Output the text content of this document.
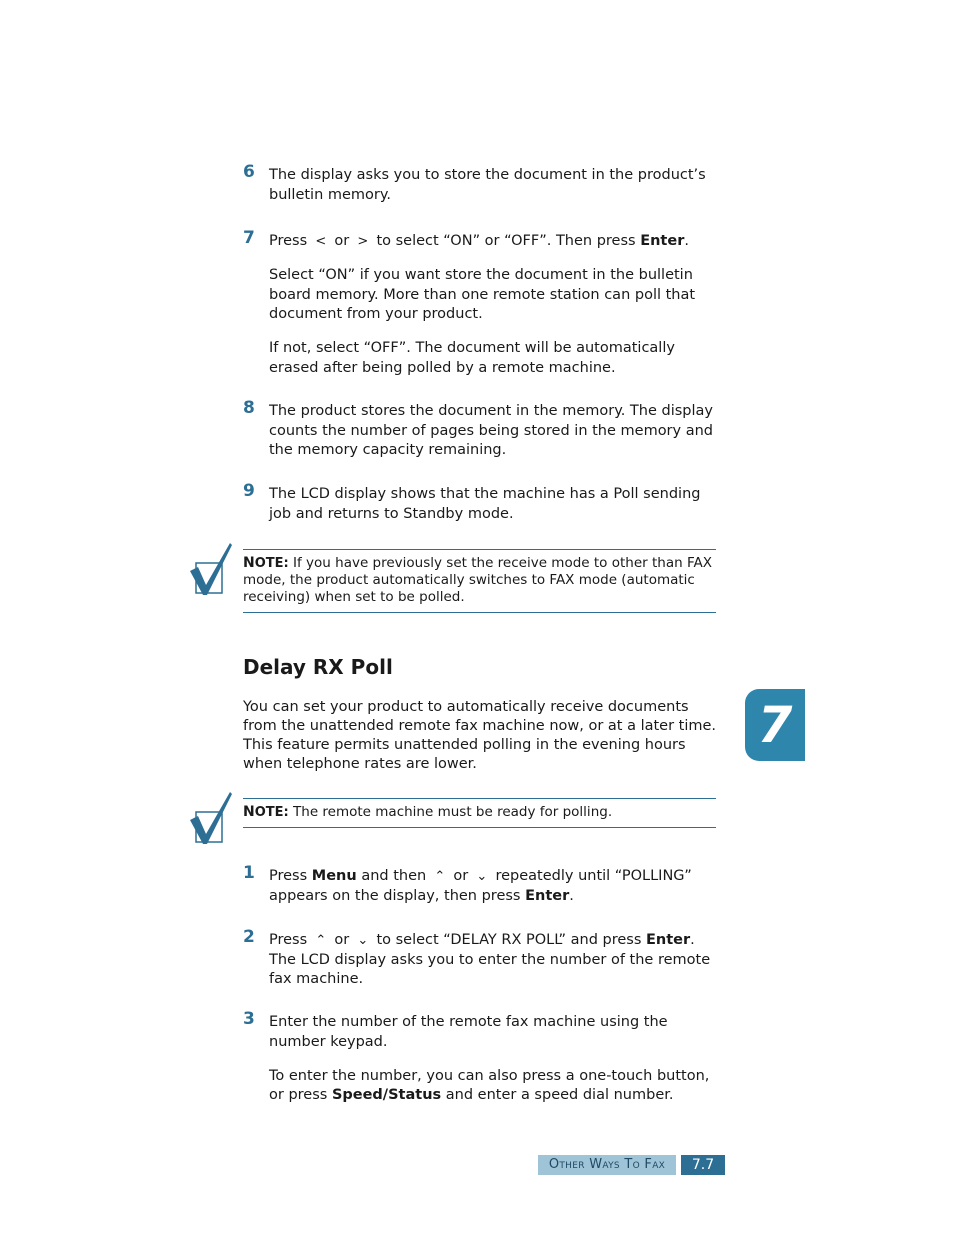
6 The display asks you to store the document in the product’s bulletin memory.

7 Press < or > to select “ON” or “OFF”. Then press Enter.

Select “ON” if you want store the document in the bulletin board memory. More than one remote station can poll that document from your product.

If not, select “OFF”. The document will be automatically erased after being polled by a remote machine.

8 The product stores the document in the memory. The display counts the number of pages being stored in the memory and the memory capacity remaining.

9 The LCD display shows that the machine has a Poll sending job and returns to Standby mode.

NOTE: If you have previously set the receive mode to other than FAX mode, the product automatically switches to FAX mode (automatic receiving) when set to be polled.
Delay RX Poll

You can set your product to automatically receive documents from the unattended remote fax machine now, or at a later time. This feature permits unattended polling in the evening hours when telephone rates are lower.

7
NOTE: The remote machine must be ready for polling.
1 Press Menu and then ⌃ or ⌄ repeatedly until “POLLING” appears on the display, then press Enter.

2 Press ⌃ or ⌄ to select “DELAY RX POLL” and press Enter. The LCD display asks you to enter the number of the remote fax machine.

3 Enter the number of the remote fax machine using the number keypad.

To enter the number, you can also press a one-touch button, or press Speed/Status and enter a speed dial number.

Other Ways To Fax	7.7
